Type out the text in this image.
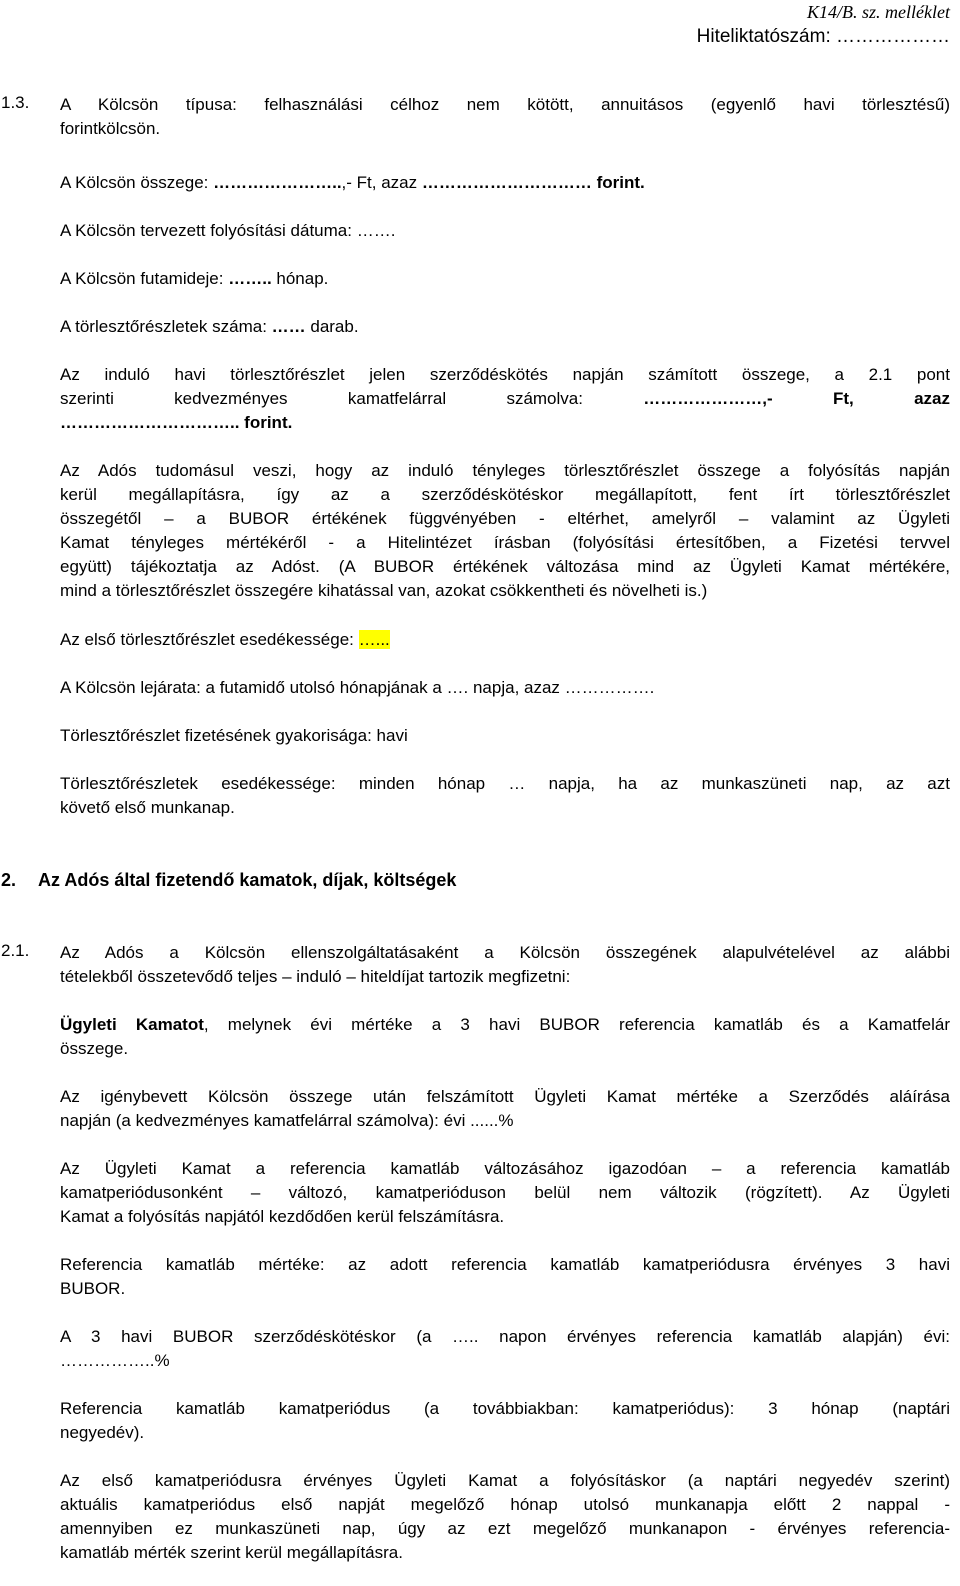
K14/B. sz. melléklet
Hiteliktatószám: ………………
1.3. A Kölcsön típusa: felhasználási célhoz nem kötött, annuitásos (egyenlő havi törlesztésű)
forintkölcsön.
A Kölcsön összege: …………………..,- Ft, azaz ………………………… forint.
A Kölcsön tervezett folyósítási dátuma: …….
A Kölcsön futamideje: …….. hónap.
A törlesztőrészletek száma: …… darab.
Az induló havi törlesztőrészlet jelen szerződéskötés napján számított összege, a 2.1 pont
szerinti kedvezményes kamatfelárral számolva: …………………,- Ft, azaz
………………………….. forint.
Az Adós tudomásul veszi, hogy az induló tényleges törlesztőrészlet összege a folyósítás napján
kerül megállapításra, így az a szerződéskötéskor megállapított, fent írt törlesztőrészlet
összegétől – a BUBOR értékének függvényében - eltérhet, amelyről – valamint az Ügyleti
Kamat tényleges mértékéről - a Hitelintézet írásban (folyósítási értesítőben, a Fizetési tervvel
együtt) tájékoztatja az Adóst. (A BUBOR értékének változása mind az Ügyleti Kamat mértékére,
mind a törlesztőrészlet összegére kihatással van, azokat csökkentheti és növelheti is.)
Az első törlesztőrészlet esedékessége: …...
A Kölcsön lejárata: a futamidő utolsó hónapjának a …. napja, azaz …………….
Törlesztőrészlet fizetésének gyakorisága: havi
Törlesztőrészletek esedékessége: minden hónap … napja, ha az munkaszüneti nap, az azt
követő első munkanap.
2. Az Adós által fizetendő kamatok, díjak, költségek
2.1. Az Adós a Kölcsön ellenszolgáltatásaként a Kölcsön összegének alapulvételével az alábbi
tételekből összetevődő teljes – induló – hiteldíjat tartozik megfizetni:
Ügyleti Kamatot, melynek évi mértéke a 3 havi BUBOR referencia kamatláb és a Kamatfelár
összege.
Az igénybevett Kölcsön összege után felszámított Ügyleti Kamat mértéke a Szerződés aláírása
napján (a kedvezményes kamatfelárral számolva): évi ......%
Az Ügyleti Kamat a referencia kamatláb változásához igazodóan – a referencia kamatláb
kamatperiódusonként – változó, kamatperióduson belül nem változik (rögzített). Az Ügyleti
Kamat a folyósítás napjától kezdődően kerül felszámításra.
Referencia kamatláb mértéke: az adott referencia kamatláb kamatperiódusra érvényes 3 havi
BUBOR.
A 3 havi BUBOR szerződéskötéskor (a ….. napon érvényes referencia kamatláb alapján) évi:
……………..%
Referencia kamatláb kamatperiódus (a továbbiakban: kamatperiódus): 3 hónap (naptári
negyedév).
Az első kamatperiódusra érvényes Ügyleti Kamat a folyósításkor (a naptári negyedév szerint)
aktuális kamatperiódus első napját megelőző hónap utolsó munkanapja előtt 2 nappal -
amennyiben ez munkaszüneti nap, úgy az ezt megelőző munkanapon - érvényes referencia-
kamatláb mérték szerint kerül megállapításra.
